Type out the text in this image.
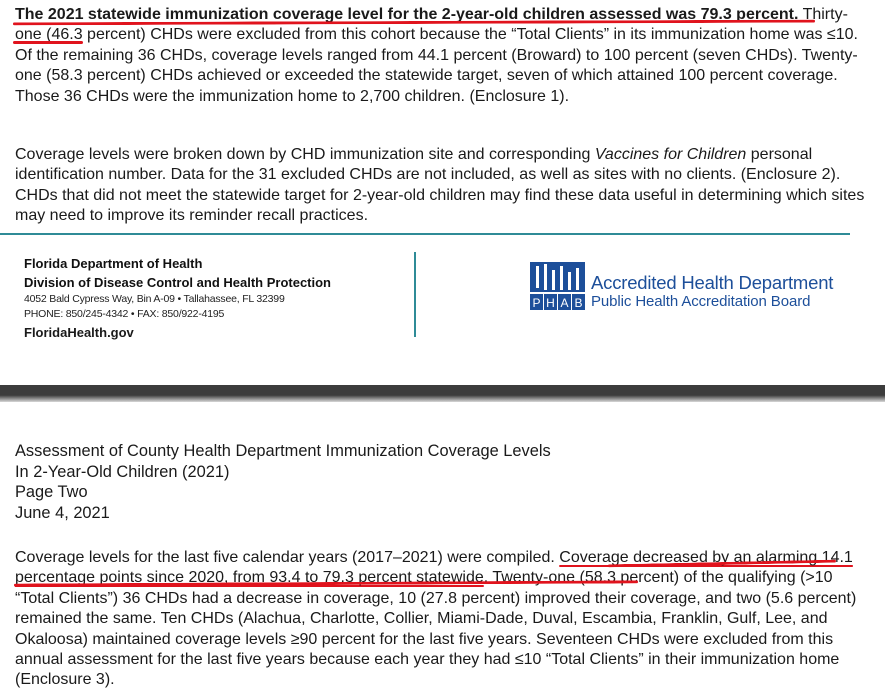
The 2021 statewide immunization coverage level for the 2-year-old children assessed was 79.3 percent. Thirty-one (46.3 percent) CHDs were excluded from this cohort because the “Total Clients” in its immunization home was ≤10. Of the remaining 36 CHDs, coverage levels ranged from 44.1 percent (Broward) to 100 percent (seven CHDs). Twenty-one (58.3 percent) CHDs achieved or exceeded the statewide target, seven of which attained 100 percent coverage. Those 36 CHDs were the immunization home to 2,700 children. (Enclosure 1).

Coverage levels were broken down by CHD immunization site and corresponding Vaccines for Children personal identification number. Data for the 31 excluded CHDs are not included, as well as sites with no clients. (Enclosure 2). CHDs that did not meet the statewide target for 2-year-old children may find these data useful in determining which sites may need to improve its reminder recall practices.

Florida Department of Health
Division of Disease Control and Health Protection
4052 Bald Cypress Way, Bin A-09 • Tallahassee, FL 32399
PHONE: 850/245-4342 • FAX: 850/922-4195
FloridaHealth.gov
P H A B
Accredited Health Department
Public Health Accreditation Board
Assessment of County Health Department Immunization Coverage Levels
In 2-Year-Old Children (2021)
Page Two
June 4, 2021

Coverage levels for the last five calendar years (2017–2021) were compiled. Coverage decreased by an alarming 14.1 percentage points since 2020, from 93.4 to 79.3 percent statewide. Twenty-one (58.3 percent) of the qualifying (>10 “Total Clients”) 36 CHDs had a decrease in coverage, 10 (27.8 percent) improved their coverage, and two (5.6 percent) remained the same. Ten CHDs (Alachua, Charlotte, Collier, Miami-Dade, Duval, Escambia, Franklin, Gulf, Lee, and Okaloosa) maintained coverage levels ≥90 percent for the last five years. Seventeen CHDs were excluded from this annual assessment for the last five years because each year they had ≤10 “Total Clients” in their immunization home (Enclosure 3).
